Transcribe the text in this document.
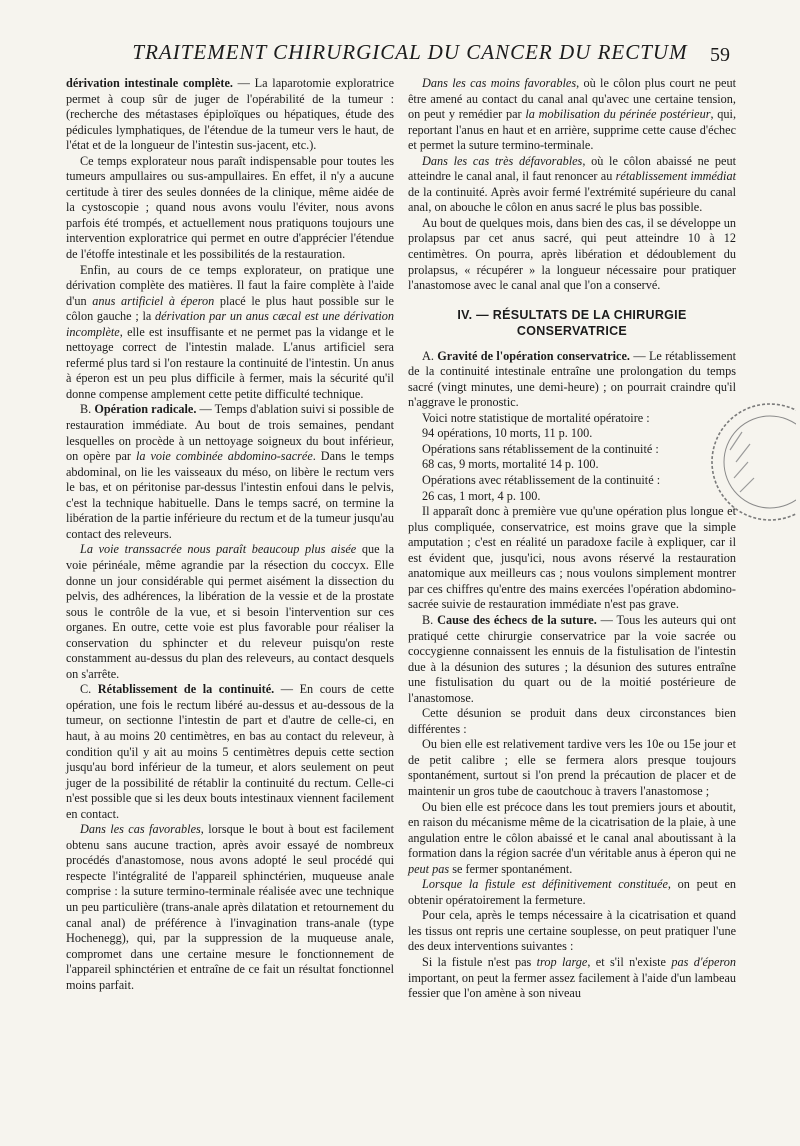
TRAITEMENT CHIRURGICAL DU CANCER DU RECTUM	59

dérivation intestinale complète. — La laparotomie exploratrice permet à coup sûr de juger de l'opérabilité de la tumeur : (recherche des métastases épiploïques ou hépatiques, étude des pédicules lymphatiques, de l'étendue de la tumeur vers le haut, de l'état et de la longueur de l'intestin sus-jacent, etc.).

Ce temps explorateur nous paraît indispensable pour toutes les tumeurs ampullaires ou sus-ampullaires. En effet, il n'y a aucune certitude à tirer des seules données de la clinique, même aidée de la cystoscopie ; quand nous avons voulu l'éviter, nous avons parfois été trompés, et actuellement nous pratiquons toujours une intervention exploratrice qui permet en outre d'apprécier l'étendue de l'étoffe intestinale et les possibilités de la restauration.

Enfin, au cours de ce temps explorateur, on pratique une dérivation complète des matières. Il faut la faire complète à l'aide d'un anus artificiel à éperon placé le plus haut possible sur le côlon gauche ; la dérivation par un anus cæcal est une dérivation incomplète, elle est insuffisante et ne permet pas la vidange et le nettoyage correct de l'intestin malade. L'anus artificiel sera refermé plus tard si l'on restaure la continuité de l'intestin. Un anus à éperon est un peu plus difficile à fermer, mais la sécurité qu'il donne compense amplement cette petite difficulté technique.

B. Opération radicale. — Temps d'ablation suivi si possible de restauration immédiate. Au bout de trois semaines, pendant lesquelles on procède à un nettoyage soigneux du bout inférieur, on opère par la voie combinée abdomino-sacrée. Dans le temps abdominal, on lie les vaisseaux du méso, on libère le rectum vers le bas, et on péritonise par-dessus l'intestin enfoui dans le pelvis, c'est la technique habituelle. Dans le temps sacré, on termine la libération de la partie inférieure du rectum et de la tumeur jusqu'au contact des releveurs.

La voie transsacrée nous paraît beaucoup plus aisée que la voie périnéale, même agrandie par la résection du coccyx. Elle donne un jour considérable qui permet aisément la dissection du pelvis, des adhérences, la libération de la vessie et de la prostate sous le contrôle de la vue, et si besoin l'intervention sur ces organes. En outre, cette voie est plus favorable pour réaliser la conservation du sphincter et du releveur puisqu'on reste constamment au-dessus du plan des releveurs, au contact desquels on s'arrête.

C. Rétablissement de la continuité. — En cours de cette opération, une fois le rectum libéré au-dessus et au-dessous de la tumeur, on sectionne l'intestin de part et d'autre de celle-ci, en haut, à au moins 20 centimètres, en bas au contact du releveur, à condition qu'il y ait au moins 5 centimètres depuis cette section jusqu'au bord inférieur de la tumeur, et alors seulement on peut juger de la possibilité de rétablir la continuité du rectum. Celle-ci n'est possible que si les deux bouts intestinaux viennent facilement en contact.

Dans les cas favorables, lorsque le bout à bout est facilement obtenu sans aucune traction, après avoir essayé de nombreux procédés d'anastomose, nous avons adopté le seul procédé qui respecte l'intégralité de l'appareil sphinctérien, muqueuse anale comprise : la suture termino-terminale réalisée avec une technique un peu particulière (trans-anale après dilatation et retournement du canal anal) de préférence à l'invagination trans-anale (type Hochenegg), qui, par la suppression de la muqueuse anale, compromet dans une certaine mesure le fonctionnement de l'appareil sphinctérien et entraîne de ce fait un résultat fonctionnel moins parfait.

Dans les cas moins favorables, où le côlon plus court ne peut être amené au contact du canal anal qu'avec une certaine tension, on peut y remédier par la mobilisation du périnée postérieur, qui, reportant l'anus en haut et en arrière, supprime cette cause d'échec et permet la suture termino-terminale.

Dans les cas très défavorables, où le côlon abaissé ne peut atteindre le canal anal, il faut renoncer au rétablissement immédiat de la continuité. Après avoir fermé l'extrémité supérieure du canal anal, on abouche le côlon en anus sacré le plus bas possible.

Au bout de quelques mois, dans bien des cas, il se développe un prolapsus par cet anus sacré, qui peut atteindre 10 à 12 centimètres. On pourra, après libération et dédoublement du prolapsus, « récupérer » la longueur nécessaire pour pratiquer l'anastomose avec le canal anal que l'on a conservé.

IV. — RÉSULTATS DE LA CHIRURGIE CONSERVATRICE

A. Gravité de l'opération conservatrice. — Le rétablissement de la continuité intestinale entraîne une prolongation du temps sacré (vingt minutes, une demi-heure) ; on pourrait craindre qu'il n'aggrave le pronostic.

Voici notre statistique de mortalité opératoire :

94 opérations, 10 morts, 11 p. 100.

Opérations sans rétablissement de la continuité :

68 cas, 9 morts, mortalité 14 p. 100.

Opérations avec rétablissement de la continuité :

26 cas, 1 mort, 4 p. 100.

Il apparaît donc à première vue qu'une opération plus longue et plus compliquée, conservatrice, est moins grave que la simple amputation ; c'est en réalité un paradoxe facile à expliquer, car il est évident que, jusqu'ici, nous avons réservé la restauration anatomique aux meilleurs cas ; nous voulons simplement montrer par ces chiffres qu'entre des mains exercées l'opération abdomino-sacrée suivie de restauration immédiate n'est pas grave.

B. Cause des échecs de la suture. — Tous les auteurs qui ont pratiqué cette chirurgie conservatrice par la voie sacrée ou coccygienne connaissent les ennuis de la fistulisation de l'intestin due à la désunion des sutures ; la désunion des sutures entraîne une fistulisation du quart ou de la moitié postérieure de l'anastomose.

Cette désunion se produit dans deux circonstances bien différentes :

Ou bien elle est relativement tardive vers les 10e ou 15e jour et de petit calibre ; elle se fermera alors presque toujours spontanément, surtout si l'on prend la précaution de placer et de maintenir un gros tube de caoutchouc à travers l'anastomose ;

Ou bien elle est précoce dans les tout premiers jours et aboutit, en raison du mécanisme même de la cicatrisation de la plaie, à une angulation entre le côlon abaissé et le canal anal aboutissant à la formation dans la région sacrée d'un véritable anus à éperon qui ne peut pas se fermer spontanément.

Lorsque la fistule est définitivement constituée, on peut en obtenir opératoirement la fermeture.

Pour cela, après le temps nécessaire à la cicatrisation et quand les tissus ont repris une certaine souplesse, on peut pratiquer l'une des deux interventions suivantes :

Si la fistule n'est pas trop large, et s'il n'existe pas d'éperon important, on peut la fermer assez facilement à l'aide d'un lambeau fessier que l'on amène à son niveau
